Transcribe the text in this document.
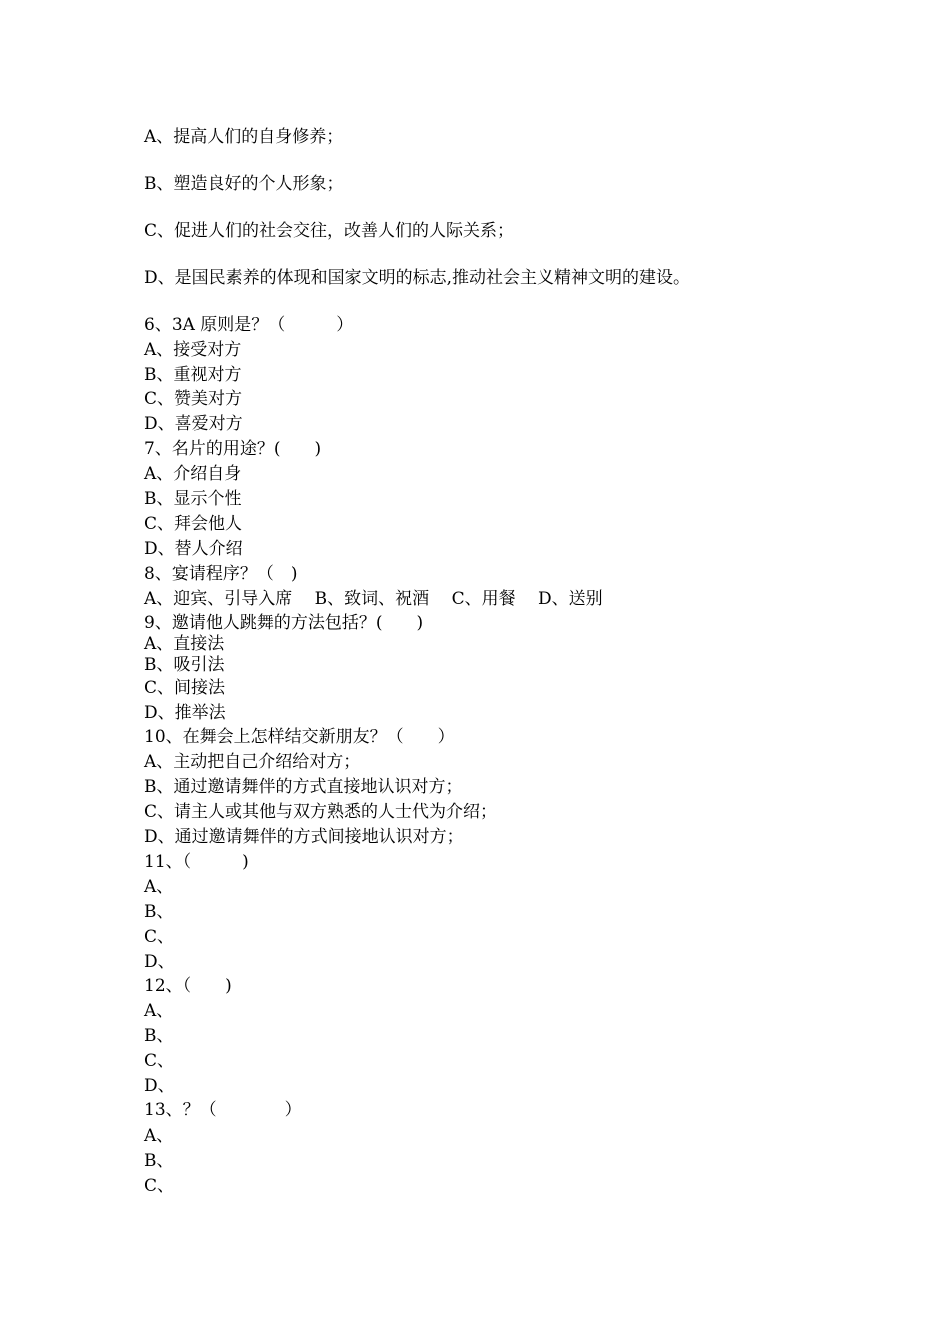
A、提高人们的自身修养；
B、塑造良好的个人形象；
C、促进人们的社会交往，改善人们的人际关系；
D、是国民素养的体现和国家文明的标志,推动社会主义精神文明的建设。
6、3A 原则是？（　　　）
A、接受对方
B、重视对方
C、赞美对方
D、喜爱对方
7、名片的用途？(　　)
A、介绍自身
B、显示个性
C、拜会他人
D、替人介绍
8、宴请程序？（　)
A、迎宾、引导入席　 B、致词、祝酒　 C、用餐　 D、送别
9、邀请他人跳舞的方法包括？(　　)
A、直接法
B、吸引法
C、间接法
D、推举法
10、在舞会上怎样结交新朋友？（　　）
A、主动把自己介绍给对方；
B、通过邀请舞伴的方式直接地认识对方；
C、请主人或其他与双方熟悉的人士代为介绍；
D、通过邀请舞伴的方式间接地认识对方；
11、（　　　)
A、
B、
C、
D、
12、（　　)
A、
B、
C、
D、
13、？（　　　　）
A、
B、
C、
